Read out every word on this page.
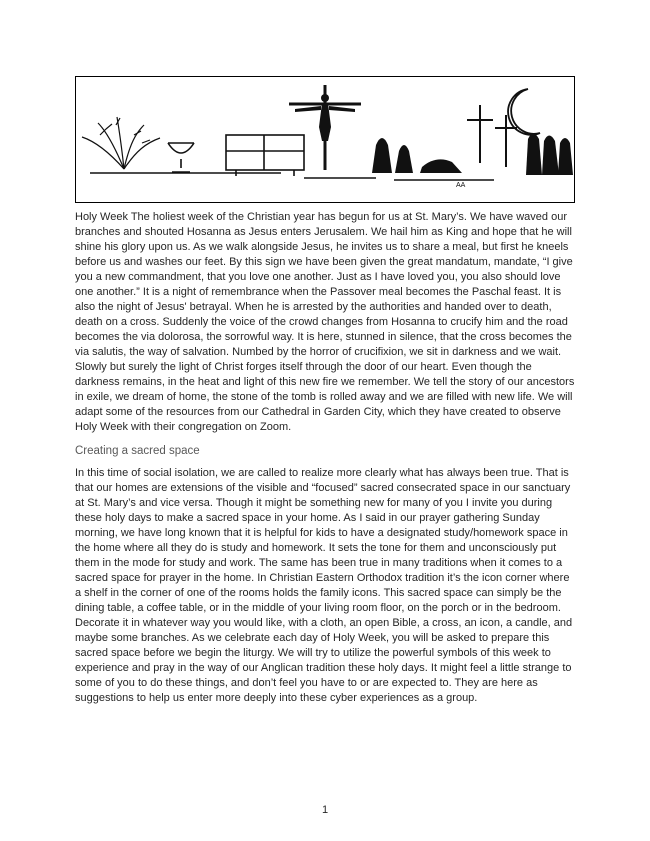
AA

Holy Week The holiest week of the Christian year has begun for us at St. Mary’s. We have waved our branches and shouted Hosanna as Jesus enters Jerusalem. We hail him as King and hope that he will shine his glory upon us. As we walk alongside Jesus, he invites us to share a meal, but first he kneels before us and washes our feet. By this sign we have been given the great mandatum, mandate, “I give you a new commandment, that you love one another. Just as I have loved you, you also should love one another.” It is a night of remembrance when the Passover meal becomes the Paschal feast. It is also the night of Jesus' betrayal. When he is arrested by the authorities and handed over to death, death on a cross. Suddenly the voice of the crowd changes from Hosanna to crucify him and the road becomes the via dolorosa, the sorrowful way. It is here, stunned in silence, that the cross becomes the via salutis, the way of salvation. Numbed by the horror of crucifixion, we sit in darkness and we wait. Slowly but surely the light of Christ forges itself through the door of our heart. Even though the darkness remains, in the heat and light of this new fire we remember. We tell the story of our ancestors in exile, we dream of home, the stone of the tomb is rolled away and we are filled with new life. We will adapt some of the resources from our Cathedral in Garden City, which they have created to observe Holy Week with their congregation on Zoom.

Creating a sacred space

In this time of social isolation, we are called to realize more clearly what has always been true. That is that our homes are extensions of the visible and “focused” sacred consecrated space in our sanctuary at St. Mary’s and vice versa. Though it might be something new for many of you I invite you during these holy days to make a sacred space in your home. As I said in our prayer gathering Sunday morning, we have long known that it is helpful for kids to have a designated study/homework space in the home where all they do is study and homework. It sets the tone for them and unconsciously put them in the mode for study and work. The same has been true in many traditions when it comes to a sacred space for prayer in the home. In Christian Eastern Orthodox tradition it’s the icon corner where a shelf in the corner of one of the rooms holds the family icons. This sacred space can simply be the dining table, a coffee table, or in the middle of your living room floor, on the porch or in the bedroom. Decorate it in whatever way you would like, with a cloth, an open Bible, a cross, an icon, a candle, and maybe some branches. As we celebrate each day of Holy Week, you will be asked to prepare this sacred space before we begin the liturgy. We will try to utilize the powerful symbols of this week to experience and pray in the way of our Anglican tradition these holy days. It might feel a little strange to some of you to do these things, and don’t feel you have to or are expected to. They are here as suggestions to help us enter more deeply into these cyber experiences as a group.

1
